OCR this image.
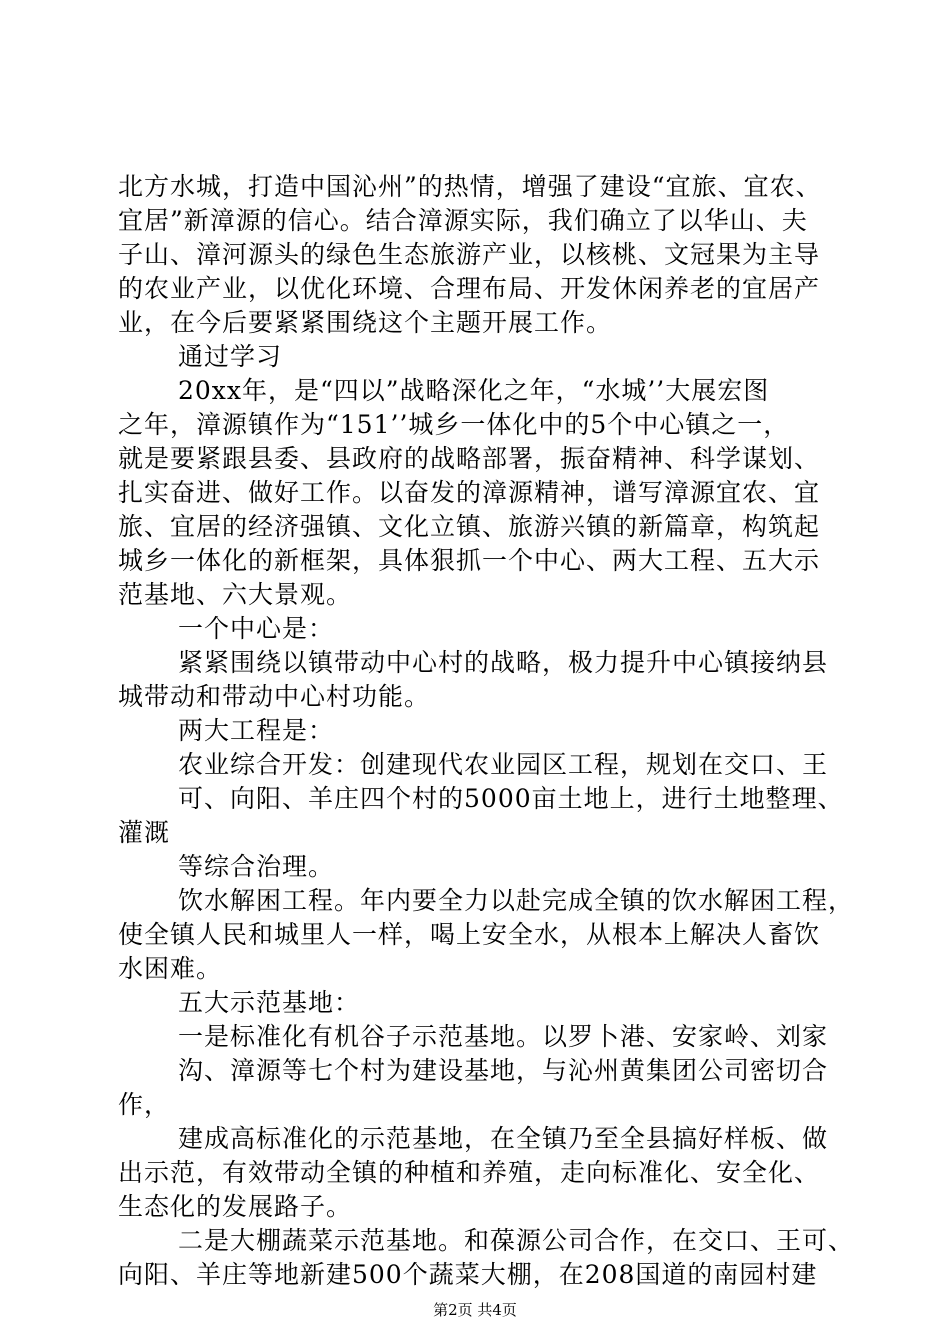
北方水城，打造中国沁州”的热情，增强了建设“宜旅、宜农、
宜居”新漳源的信心。结合漳源实际，我们确立了以华山、夫
子山、漳河源头的绿色生态旅游产业，以核桃、文冠果为主导
的农业产业，以优化环境、合理布局、开发休闲养老的宜居产
业，在今后要紧紧围绕这个主题开展工作。
通过学习
20xx年，是“四以”战略深化之年，“水城’’大展宏图
之年，漳源镇作为“151’’城乡一体化中的5个中心镇之一，
就是要紧跟县委、县政府的战略部署，振奋精神、科学谋划、
扎实奋进、做好工作。以奋发的漳源精神，谱写漳源宜农、宜
旅、宜居的经济强镇、文化立镇、旅游兴镇的新篇章，构筑起
城乡一体化的新框架，具体狠抓一个中心、两大工程、五大示
范基地、六大景观。
一个中心是：
紧紧围绕以镇带动中心村的战略，极力提升中心镇接纳县
城带动和带动中心村功能。
两大工程是：
农业综合开发：创建现代农业园区工程，规划在交口、王
可、向阳、羊庄四个村的5000亩土地上，进行土地整理、
灌溉
等综合治理。
饮水解困工程。年内要全力以赴完成全镇的饮水解困工程，
使全镇人民和城里人一样，喝上安全水，从根本上解决人畜饮
水困难。
五大示范基地：
一是标准化有机谷子示范基地。以罗卜港、安家岭、刘家
沟、漳源等七个村为建设基地，与沁州黄集团公司密切合
作，
建成高标准化的示范基地，在全镇乃至全县搞好样板、做
出示范，有效带动全镇的种植和养殖，走向标准化、安全化、
生态化的发展路子。
二是大棚蔬菜示范基地。和葆源公司合作，在交口、王可、
向阳、羊庄等地新建500个蔬菜大棚，在208国道的南园村建
第2页 共4页
